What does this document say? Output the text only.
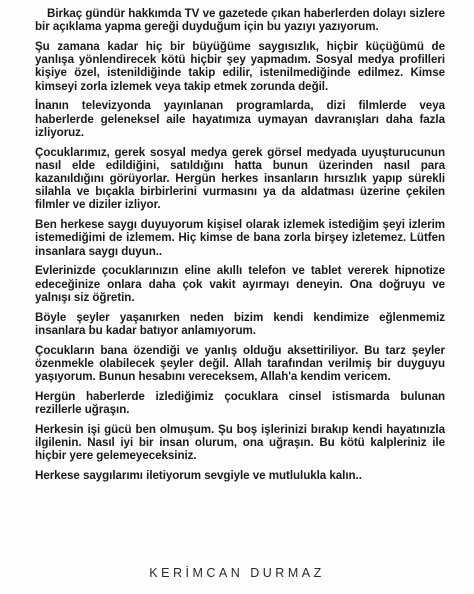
Birkaç gündür hakkımda TV ve gazetede çıkan haberlerden dolayı sizlere bir açıklama yapma gereği duyduğum için bu yazıyı yazıyorum.

Şu zamana kadar hiç bir büyüğüme saygısızlık, hiçbir küçüğümü de yanlışa yönlendirecek kötü hiçbir şey yapmadım. Sosyal medya profilleri kişiye özel, istenildiğinde takip edilir, istenilmediğinde edilmez. Kimse kimseyi zorla izlemek veya takip etmek zorunda değil.

İnanın televizyonda yayınlanan programlarda, dizi filmlerde veya haberlerde geleneksel aile hayatımıza uymayan davranışları daha fazla izliyoruz.

Çocuklarımız, gerek sosyal medya gerek görsel medyada uyuşturucunun nasıl elde edildiğini, satıldığını hatta bunun üzerinden nasıl para kazanıldığını görüyorlar. Hergün herkes insanların hırsızlık yapıp sürekli silahla ve bıçakla birbirlerini vurmasını ya da aldatması üzerine çekilen filmler ve diziler izliyor.

Ben herkese saygı duyuyorum kişisel olarak izlemek istediğim şeyi izlerim istemediğimi de izlemem. Hiç kimse de bana zorla birşey izletemez. Lütfen insanlara saygı duyun..

Evlerinizde çocuklarınızın eline akıllı telefon ve tablet vererek hipnotize edeceğinize onlara daha çok vakit ayırmayı deneyin. Ona doğruyu ve yalnışı siz öğretin.

Böyle şeyler yaşanırken neden bizim kendi kendimize eğlenmemiz insanlara bu kadar batıyor anlamıyorum.

Çocukların bana özendiği ve yanlış olduğu aksettiriliyor. Bu tarz şeyler özenmekle olabilecek şeyler değil. Allah tarafından verilmiş bir duyguyu yaşıyorum. Bunun hesabını vereceksem, Allah'a kendim vericem.

Hergün haberlerde izlediğimiz çocuklara cinsel istismarda bulunan rezillerle uğraşın.

Herkesin işi gücü ben olmuşum. Şu boş işlerinizi bırakıp kendi hayatınızla ilgilenin. Nasıl iyi bir insan olurum, ona uğraşın. Bu kötü kalpleriniz ile hiçbir yere gelemeyeceksiniz.

Herkese saygılarımı iletiyorum sevgiyle ve mutlulukla kalın..

KERİMCAN DURMAZ
